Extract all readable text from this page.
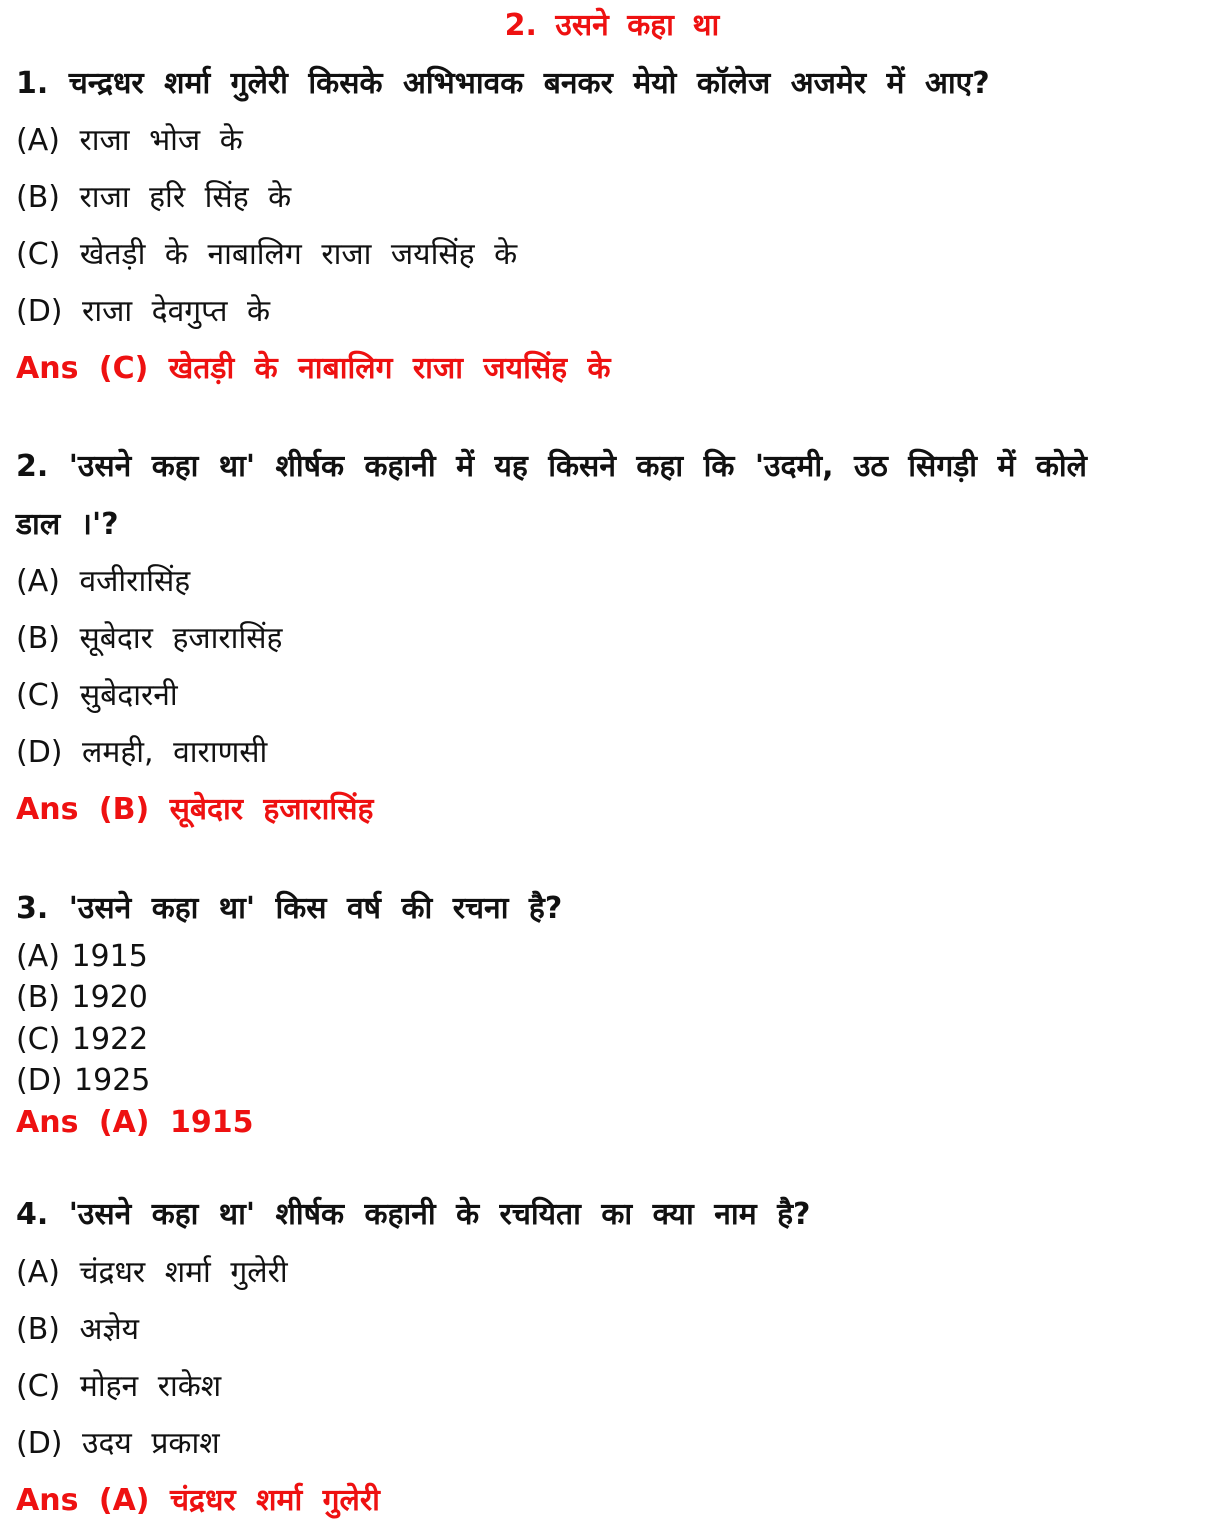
2. उसने कहा था
1. चन्द्रधर शर्मा गुलेरी किसके अभिभावक बनकर मेयो कॉलेज अजमेर में आए?
(A) राजा भोज के
(B) राजा हरि सिंह के
(C) खेतड़ी के नाबालिग राजा जयसिंह के
(D) राजा देवगुप्त के
Ans (C) खेतड़ी के नाबालिग राजा जयसिंह के
2. 'उसने कहा था' शीर्षक कहानी में यह किसने कहा कि 'उदमी, उठ सिगड़ी में कोले
डाल ।'?
(A) वजीरासिंह
(B) सूबेदार हजारासिंह
(C) सुबेदारनी
(D) लमही, वाराणसी
Ans (B) सूबेदार हजारासिंह
3. 'उसने कहा था' किस वर्ष की रचना है?
(A) 1915
(B) 1920
(C) 1922
(D) 1925
Ans (A) 1915
4. 'उसने कहा था' शीर्षक कहानी के रचयिता का क्या नाम है?
(A) चंद्रधर शर्मा गुलेरी
(B) अज्ञेय
(C) मोहन राकेश
(D) उदय प्रकाश
Ans (A) चंद्रधर शर्मा गुलेरी
